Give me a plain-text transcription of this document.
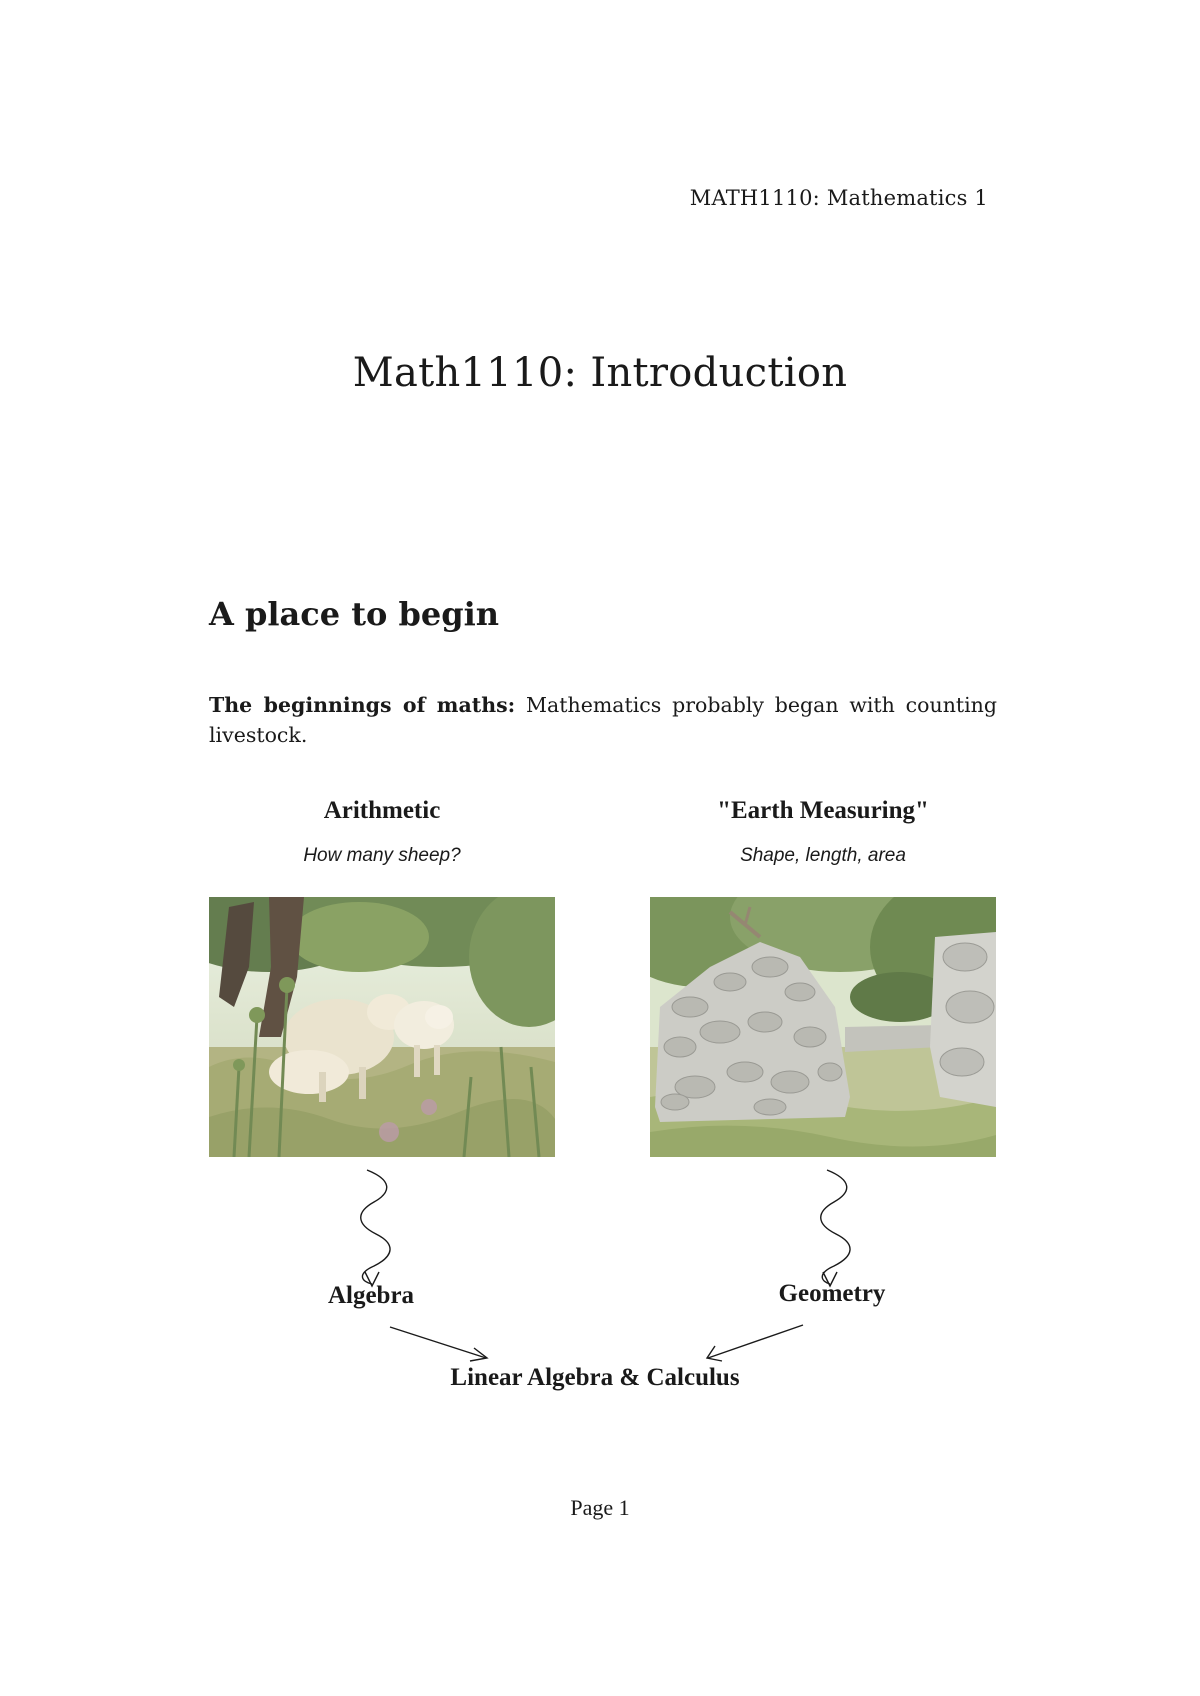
MATH1110: Mathematics 1
Math1110: Introduction
A place to begin
The beginnings of maths: Mathematics probably began with counting livestock.
Arithmetic
How many sheep?
"Earth Measuring"
Shape, length, area
Algebra	Geometry
Linear Algebra & Calculus
Page 1
